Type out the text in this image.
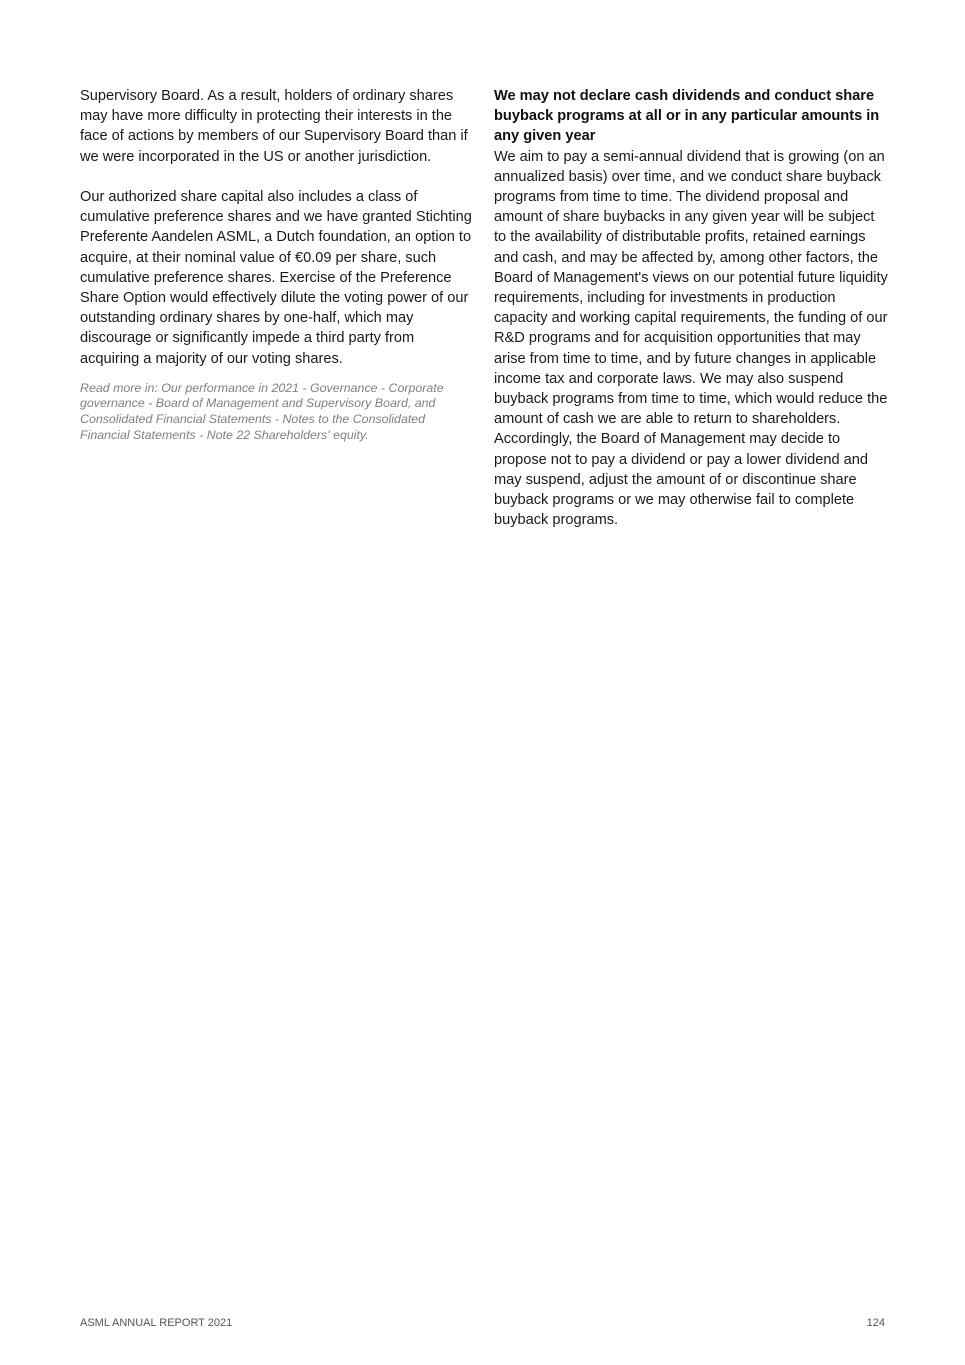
Supervisory Board. As a result, holders of ordinary shares may have more difficulty in protecting their interests in the face of actions by members of our Supervisory Board than if we were incorporated in the US or another jurisdiction.

Our authorized share capital also includes a class of cumulative preference shares and we have granted Stichting Preferente Aandelen ASML, a Dutch foundation, an option to acquire, at their nominal value of €0.09 per share, such cumulative preference shares. Exercise of the Preference Share Option would effectively dilute the voting power of our outstanding ordinary shares by one-half, which may discourage or significantly impede a third party from acquiring a majority of our voting shares.

Read more in: Our performance in 2021 - Governance - Corporate governance - Board of Management and Supervisory Board, and Consolidated Financial Statements - Notes to the Consolidated Financial Statements - Note 22 Shareholders' equity.

We may not declare cash dividends and conduct share buyback programs at all or in any particular amounts in any given year

We aim to pay a semi-annual dividend that is growing (on an annualized basis) over time, and we conduct share buyback programs from time to time. The dividend proposal and amount of share buybacks in any given year will be subject to the availability of distributable profits, retained earnings and cash, and may be affected by, among other factors, the Board of Management's views on our potential future liquidity requirements, including for investments in production capacity and working capital requirements, the funding of our R&D programs and for acquisition opportunities that may arise from time to time, and by future changes in applicable income tax and corporate laws. We may also suspend buyback programs from time to time, which would reduce the amount of cash we are able to return to shareholders. Accordingly, the Board of Management may decide to propose not to pay a dividend or pay a lower dividend and may suspend, adjust the amount of or discontinue share buyback programs or we may otherwise fail to complete buyback programs.

ASML ANNUAL REPORT 2021	124
